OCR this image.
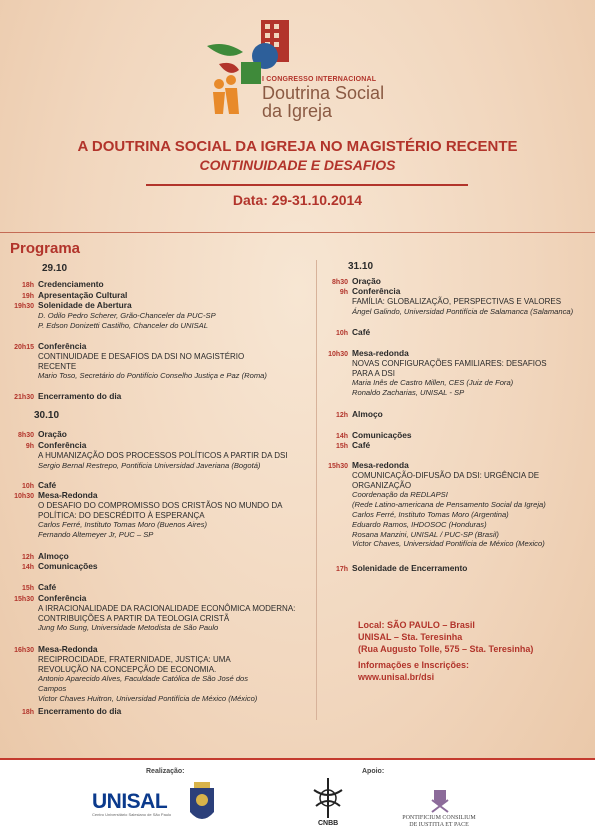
I CONGRESSO INTERNACIONAL
Doutrina Social
da Igreja
A DOUTRINA SOCIAL DA IGREJA NO MAGISTÉRIO RECENTE
CONTINUIDADE E DESAFIOS
Data: 29-31.10.2014
Programa
29.10
30.10
31.10
18h Credenciamento
19h Apresentação Cultural
19h30 Solenidade de Abertura
D. Odilo Pedro Scherer, Grão-Chanceler da PUC-SP
P. Edson Donizetti Castilho, Chanceler do UNISAL
20h15 Conferência
CONTINUIDADE E DESAFIOS DA DSI NO MAGISTÉRIO RECENTE
Mario Toso, Secretário do Pontifício Conselho Justiça e Paz (Roma)
21h30 Encerramento do dia
8h30 Oração
9h Conferência
A HUMANIZAÇÃO DOS PROCESSOS POLÍTICOS A PARTIR DA DSI
Sergio Bernal Restrepo, Pontificia Universidad Javeriana (Bogotá)
10h Café
10h30 Mesa-Redonda
O DESAFIO DO COMPROMISSO DOS CRISTÃOS NO MUNDO DA POLÍTICA: DO DESCRÉDITO À ESPERANÇA
Carlos Ferré, Instituto Tomas Moro (Buenos Aires)
Fernando Altemeyer Jr, PUC – SP
12h Almoço
14h Comunicações
15h Café
15h30 Conferência
A IRRACIONALIDADE DA RACIONALIDADE ECONÔMICA MODERNA: CONTRIBUIÇÕES A PARTIR DA TEOLOGIA CRISTÃ
Jung Mo Sung, Universidade Metodista de São Paulo
16h30 Mesa-Redonda
RECIPROCIDADE, FRATERNIDADE, JUSTIÇA: UMA REVOLUÇÃO NA CONCEPÇÃO DE ECONOMIA.
Antonio Aparecido Alves, Faculdade Católica de São José dos Campos
Victor Chaves Huitron, Universidad Pontifícia de México (México)
18h Encerramento do dia
8h30 Oração
9h Conferência
FAMÍLIA: GLOBALIZAÇÃO, PERSPECTIVAS E VALORES
Ángel Galindo, Universidad Pontifícia de Salamanca (Salamanca)
10h Café
10h30 Mesa-redonda
NOVAS CONFIGURAÇÕES FAMILIARES: DESAFIOS PARA A DSI
Maria Inês de Castro Millen, CES (Juiz de Fora)
Ronaldo Zacharias, UNISAL - SP
12h Almoço
14h Comunicações
15h Café
15h30 Mesa-redonda
COMUNICAÇÃO-DIFUSÃO DA DSI: URGÊNCIA DE ORGANIZAÇÃO
Coordenação da REDLAPSI
(Rede Latino-americana de Pensamento Social da Igreja)
Carlos Ferré, Instituto Tomas Moro (Argentina)
Eduardo Ramos, IHDOSOC (Honduras)
Rosana Manzini, UNISAL / PUC-SP (Brasil)
Victor Chaves, Universidad Pontifícia de México (Mexico)
17h Solenidade de Encerramento
Local: SÃO PAULO – Brasil
UNISAL – Sta. Teresinha
(Rua Augusto Tolle, 575 – Sta. Teresinha)
Informações e Inscrições:
www.unisal.br/dsi
Realização:	Apoio:
UNISAL
Centro Universitário Salesiano de São Paulo
CNBB
PONTIFICIUM CONSILIUM
DE IUSTITIA ET PACE
